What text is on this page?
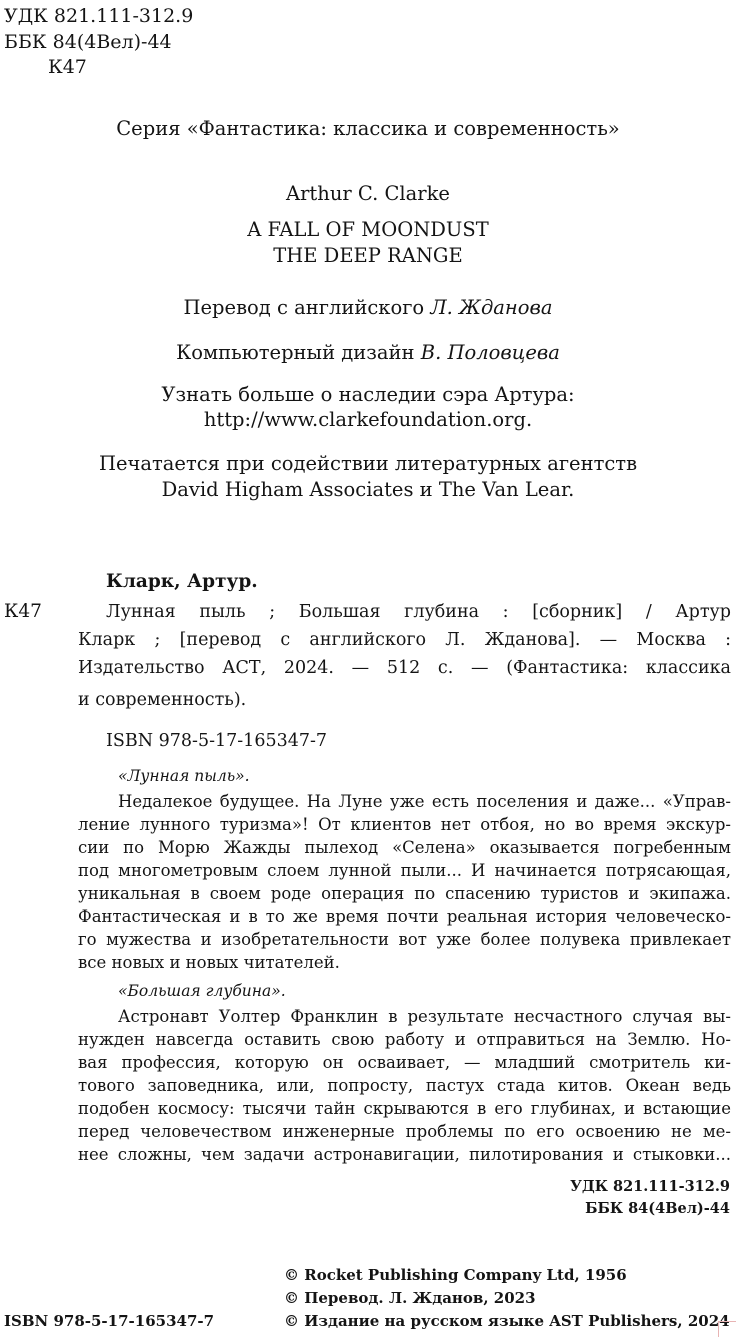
УДК 821.111-312.9
ББК 84(4Вел)-44
К47
Серия «Фантастика: классика и современность»
Arthur C. Clarke
A FALL OF MOONDUST
THE DEEP RANGE
Перевод с английского Л. Жданова
Компьютерный дизайн В. Половцева
Узнать больше о наследии сэра Артура:
http://www.clarkefoundation.org.
Печатается при содействии литературных агентств
David Higham Associates и The Van Lear.
Кларк, Артур.
К47	Лунная пыль ; Большая глубина : [сборник] / Артур
Кларк ; [перевод с английского Л. Жданова]. — Москва :
Издательство АСТ, 2024. — 512 с. — (Фантастика: классика
и современность).
ISBN 978-5-17-165347-7
«Лунная пыль».
Недалекое будущее. На Луне уже есть поселения и даже... «Управ-
ление лунного туризма»! От клиентов нет отбоя, но во время экскур-
сии по Морю Жажды пылеход «Селена» оказывается погребенным
под многометровым слоем лунной пыли... И начинается потрясающая,
уникальная в своем роде операция по спасению туристов и экипажа.
Фантастическая и в то же время почти реальная история человеческо-
го мужества и изобретательности вот уже более полувека привлекает
все новых и новых читателей.
«Большая глубина».
Астронавт Уолтер Франклин в результате несчастного случая вы-
нужден навсегда оставить свою работу и отправиться на Землю. Но-
вая профессия, которую он осваивает, — младший смотритель ки-
тового заповедника, или, попросту, пастух стада китов. Океан ведь
подобен космосу: тысячи тайн скрываются в его глубинах, и встающие
перед человечеством инженерные проблемы по его освоению не ме-
нее сложны, чем задачи астронавигации, пилотирования и стыковки...
УДК 821.111-312.9
ББК 84(4Вел)-44
© Rocket Publishing Company Ltd, 1956
© Перевод. Л. Жданов, 2023
© Издание на русском языке AST Publishers, 2024
ISBN 978-5-17-165347-7
